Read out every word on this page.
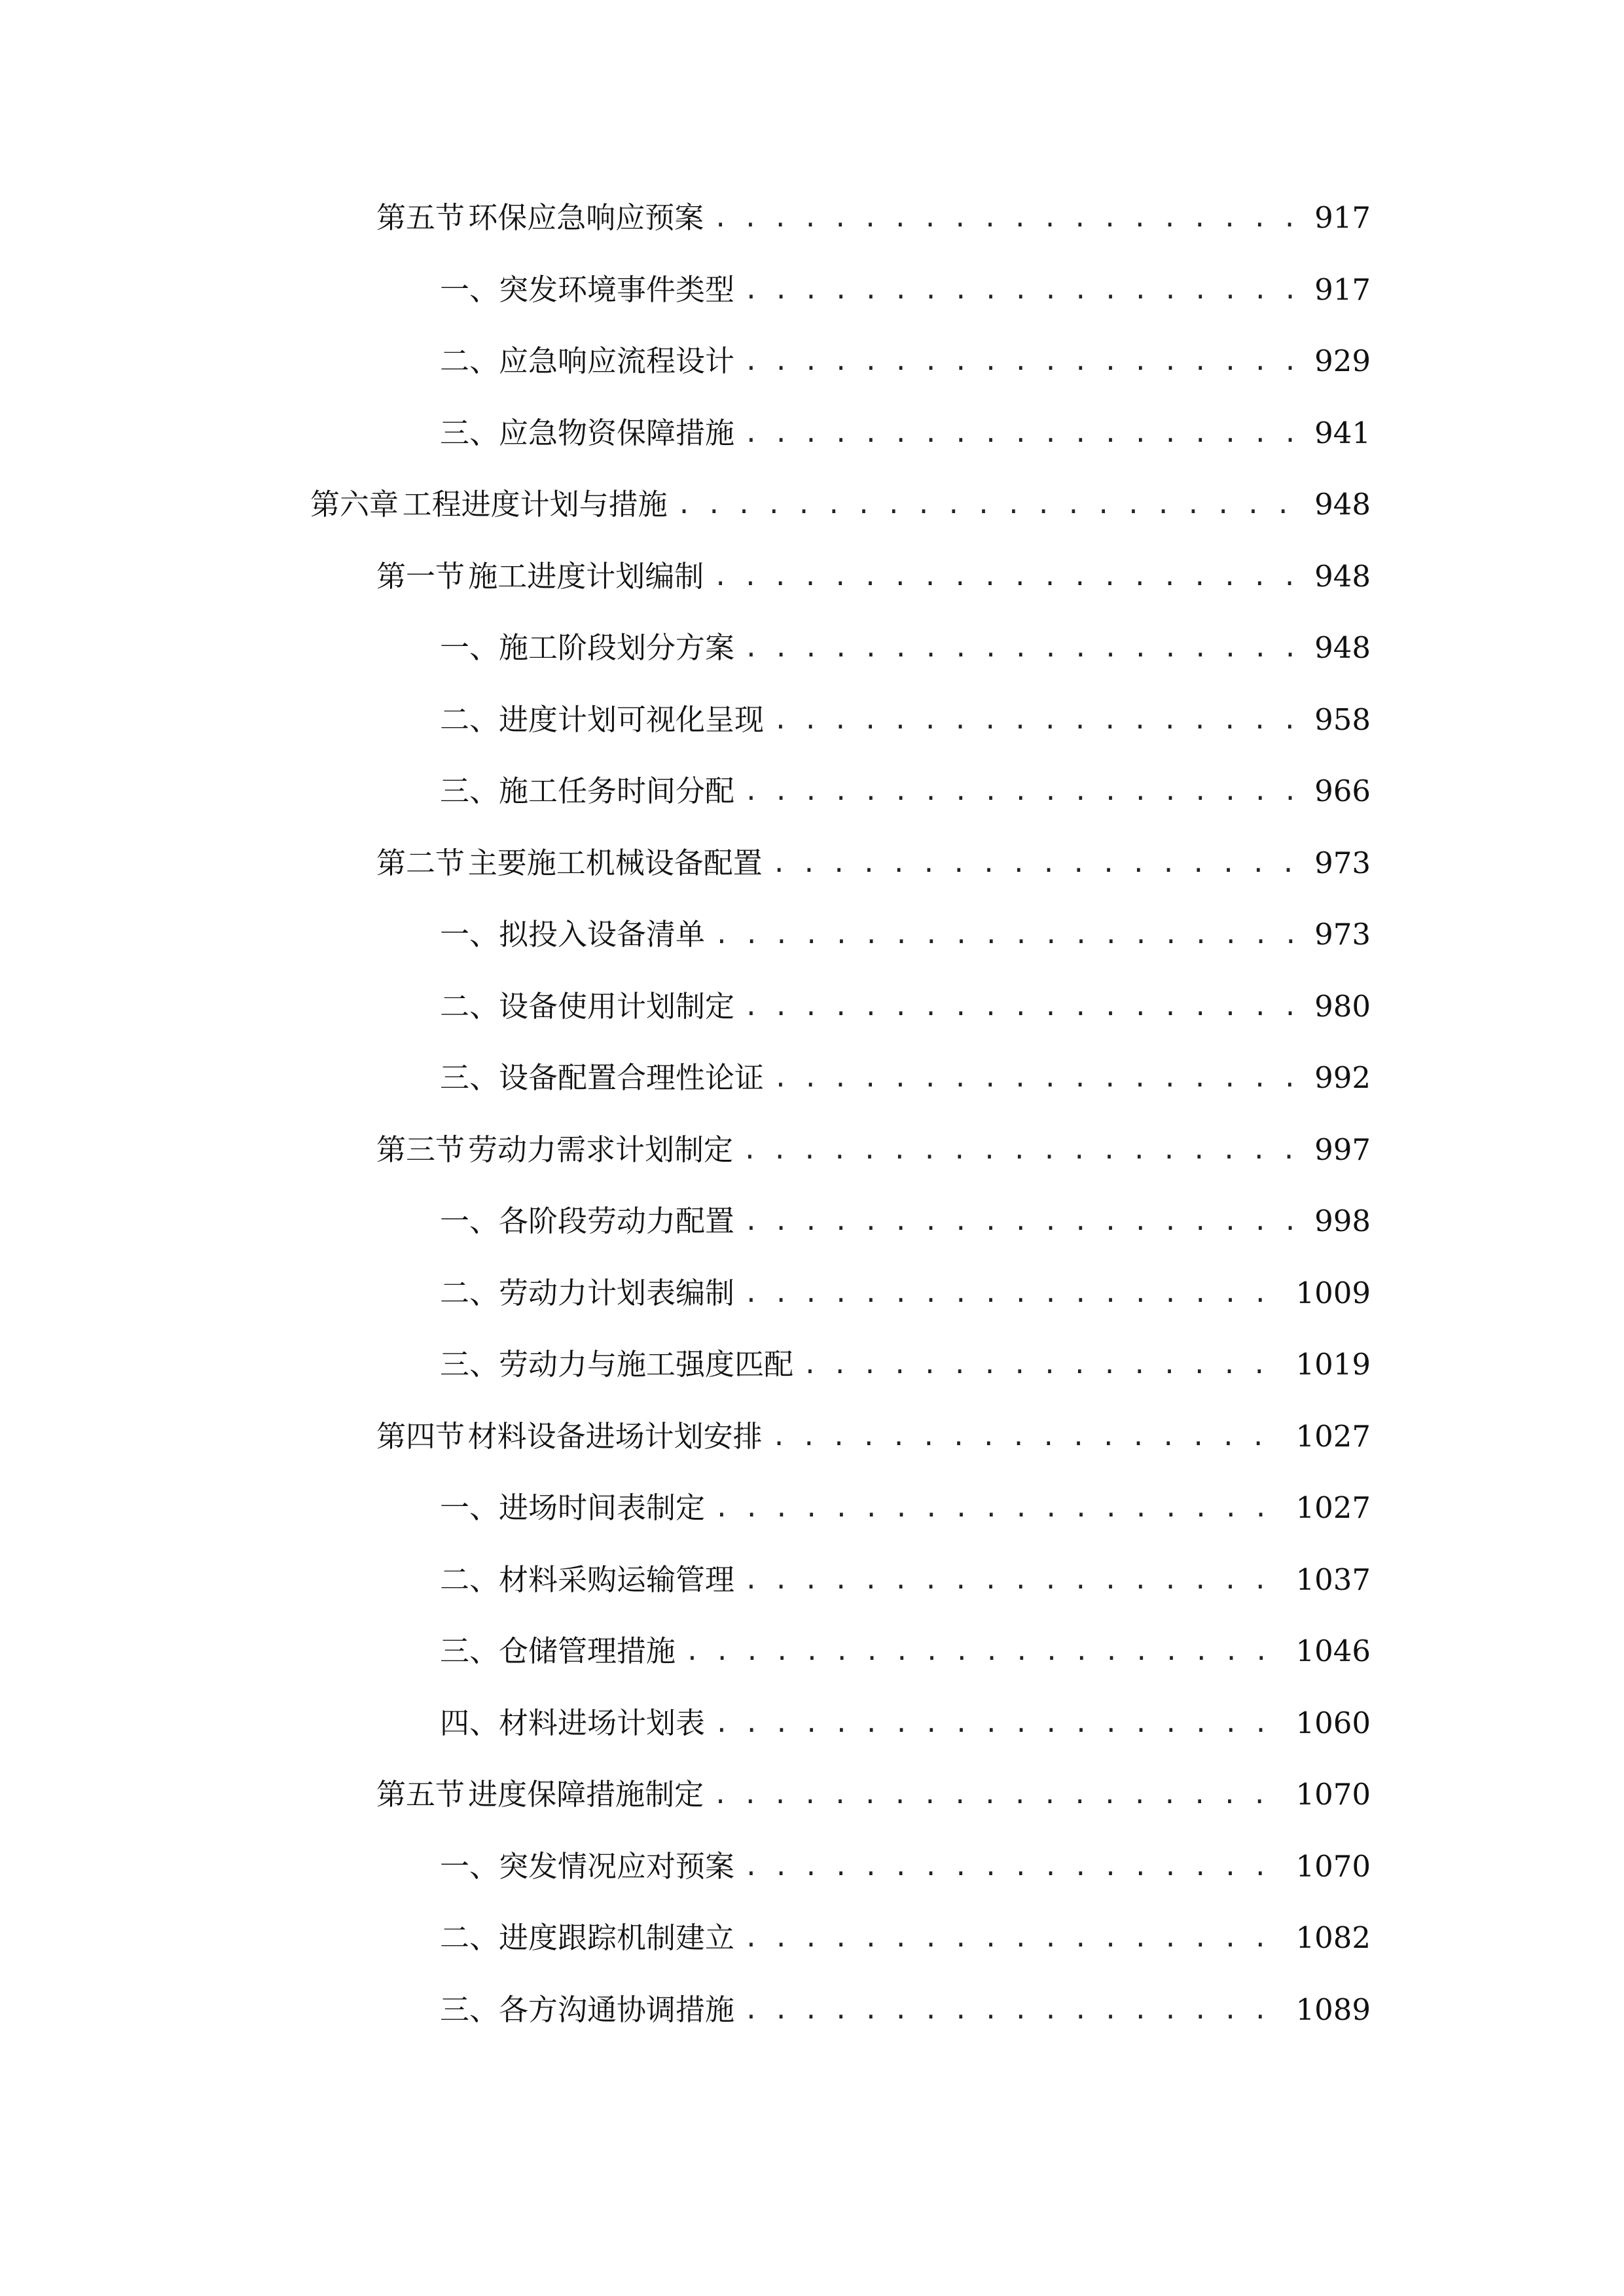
第五节 环保应急响应预案 . . .	917
一、 突发环境事件类型 . . .	917
二、 应急响应流程设计 . . .	929
三、 应急物资保障措施 . . .	941
第六章 工程进度计划与措施 . . .	948
第一节 施工进度计划编制 . . .	948
一、 施工阶段划分方案 . . .	948
二、 进度计划可视化呈现 . . .	958
三、 施工任务时间分配 . . .	966
第二节 主要施工机械设备配置 . . .	973
一、 拟投入设备清单 . . .	973
二、 设备使用计划制定 . . .	980
三、 设备配置合理性论证 . . .	992
第三节 劳动力需求计划制定 . . .	997
一、 各阶段劳动力配置 . . .	998
二、 劳动力计划表编制 . . .	1009
三、 劳动力与施工强度匹配 . . .	1019
第四节 材料设备进场计划安排 . . .	1027
一、 进场时间表制定 . . .	1027
二、 材料采购运输管理 . . .	1037
三、 仓储管理措施 . . .	1046
四、 材料进场计划表 . . .	1060
第五节 进度保障措施制定 . . .	1070
一、 突发情况应对预案 . . .	1070
二、 进度跟踪机制建立 . . .	1082
三、 各方沟通协调措施 . . .	1089
